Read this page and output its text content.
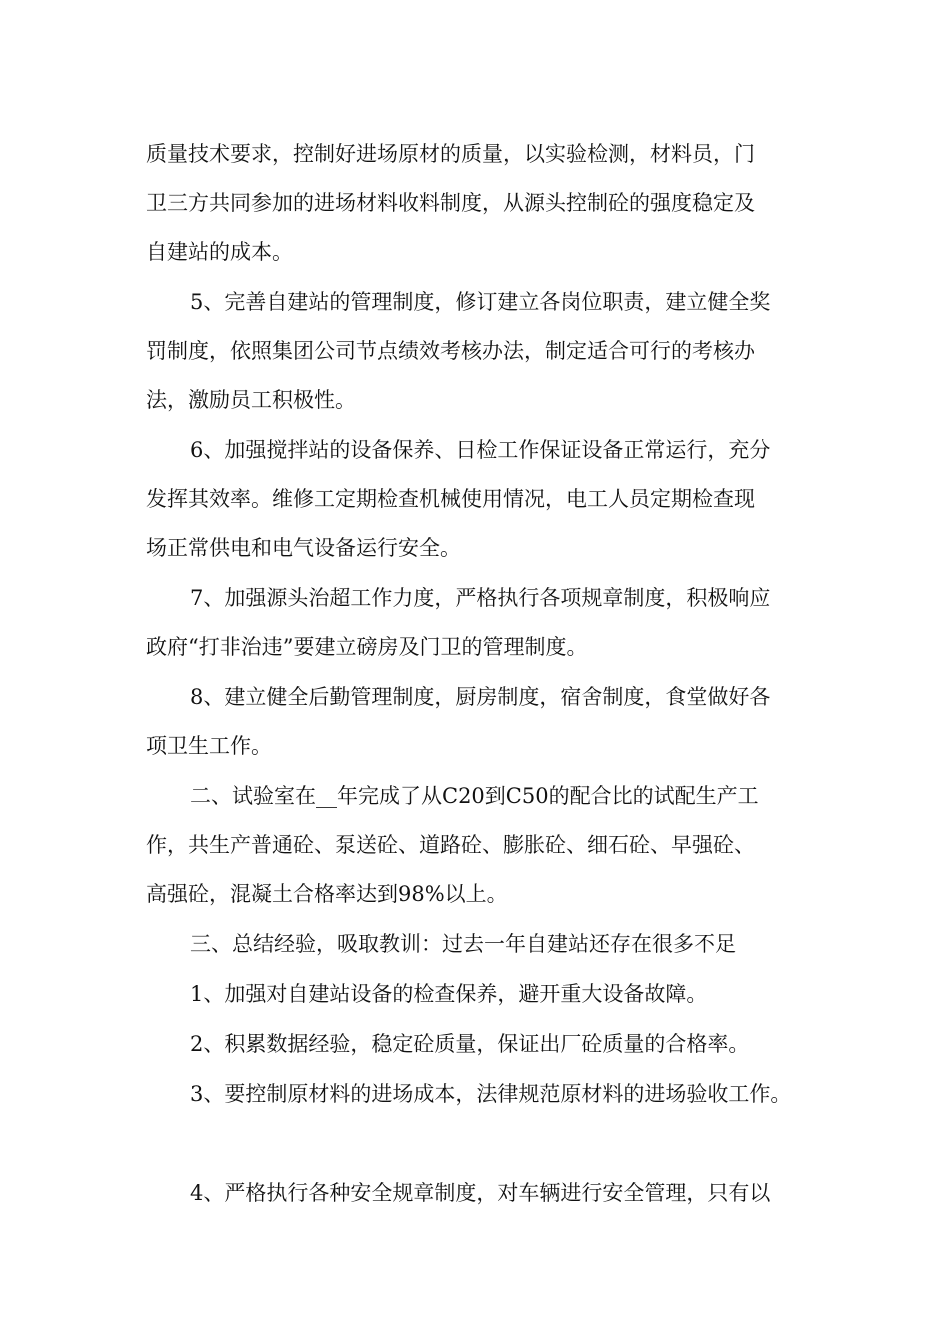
质量技术要求，控制好进场原材的质量，以实验检测，材料员，门
卫三方共同参加的进场材料收料制度，从源头控制砼的强度稳定及
自建站的成本。
5、完善自建站的管理制度，修订建立各岗位职责，建立健全奖
罚制度，依照集团公司节点绩效考核办法，制定适合可行的考核办
法，激励员工积极性。
6、加强搅拌站的设备保养、日检工作保证设备正常运行，充分
发挥其效率。维修工定期检查机械使用情况，电工人员定期检查现
场正常供电和电气设备运行安全。
7、加强源头治超工作力度，严格执行各项规章制度，积极响应
政府“打非治违”要建立磅房及门卫的管理制度。
8、建立健全后勤管理制度，厨房制度，宿舍制度，食堂做好各
项卫生工作。
二、试验室在__年完成了从C20到C50的配合比的试配生产工
作，共生产普通砼、泵送砼、道路砼、膨胀砼、细石砼、早强砼、
高强砼，混凝土合格率达到98%以上。
三、总结经验，吸取教训：过去一年自建站还存在很多不足
1、加强对自建站设备的检查保养，避开重大设备故障。
2、积累数据经验，稳定砼质量，保证出厂砼质量的合格率。
3、要控制原材料的进场成本，法律规范原材料的进场验收工作。
4、严格执行各种安全规章制度，对车辆进行安全管理，只有以
